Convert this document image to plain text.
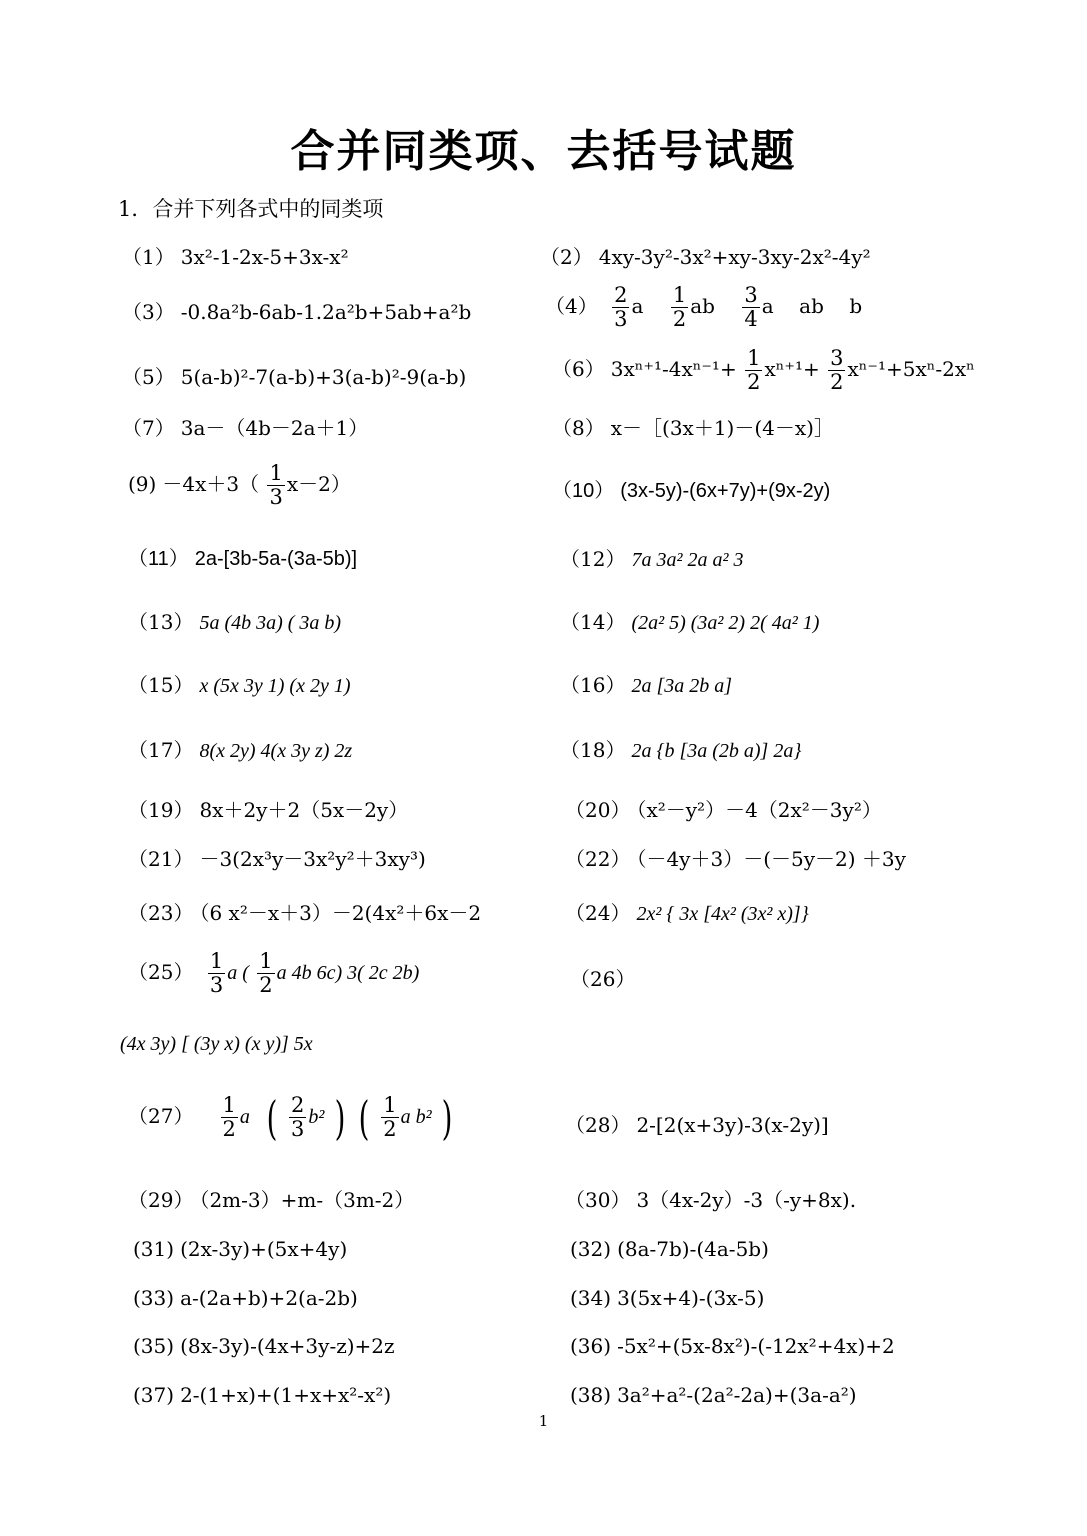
合并同类项、去括号试题
1．合并下列各式中的同类项
（1） 3x²-1-2x-5+3x-x²	（2） 4xy-3y²-3x²+xy-3xy-2x²-4y²
（3） -0.8a²b-6ab-1.2a²b+5ab+a²b	$(4) \frac{2}{3}$ a $\frac{1}{2}$ ab $\frac{3}{4}$ a ab b
（5） 5(a-b)²-7(a-b)+3(a-b)²-9(a-b)	（6） $3x^{n+1}-4x^{n-1}+ \frac{1}{2} x^{n+1}+ \frac{3}{2} x^{n-1}+5x^n-2x^n$
（7） 3a－（4b－2a＋1）	（8） x－［(3x＋1)－(4－x)］
$(9) -4x+3( \frac{1}{3} x-2)$	（10） (3x-5y)-(6x+7y)+(9x-2y)
（11） 2a-[3b-5a-(3a-5b)]	（12） 7a 3a² 2a a² 3
（13） 5a (4b 3a) ( 3a b)	（14） (2a² 5) (3a² 2) 2( 4a² 1)
（15） x (5x 3y 1) (x 2y 1)	（16） 2a [3a 2b a]
（17） 8(x 2y) 4(x 3y z) 2z	（18） 2a {b [3a (2b a)] 2a}
（19） 8x＋2y＋2（5x－2y）	（20） （x²－y²）－4（2x²－3y²）
（21） －3(2x³y－3x²y²＋3xy³)	（22） （－4y＋3）－(－5y－2) ＋3y
（23） （6 x²－x＋3）－2(4x²＋6x－2	（24） 2x² { 3x [4x² (3x² x)]}
$(25) \frac{1}{3}$ a ( $\frac{1}{2}$ a 4b 6c) 3( 2c 2b)	（26）
(4x 3y) [ (3y x) (x y)] 5x
$(27) \frac{1}{2}$ a ( $\frac{2}{3} b^2$ ) ( $\frac{1}{2}$ a b² )	（28） 2-[2(x+3y)-3(x-2y)]
（29） （2m-3）+m-（3m-2）	（30） 3（4x-2y）-3（-y+8x).
(31) (2x-3y)+(5x+4y)	(32) (8a-7b)-(4a-5b)
(33) a-(2a+b)+2(a-2b)	(34) 3(5x+4)-(3x-5)
(35) (8x-3y)-(4x+3y-z)+2z	(36) -5x²+(5x-8x²)-(-12x²+4x)+2
(37) 2-(1+x)+(1+x+x²-x²)	(38) 3a²+a²-(2a²-2a)+(3a-a²)
1
